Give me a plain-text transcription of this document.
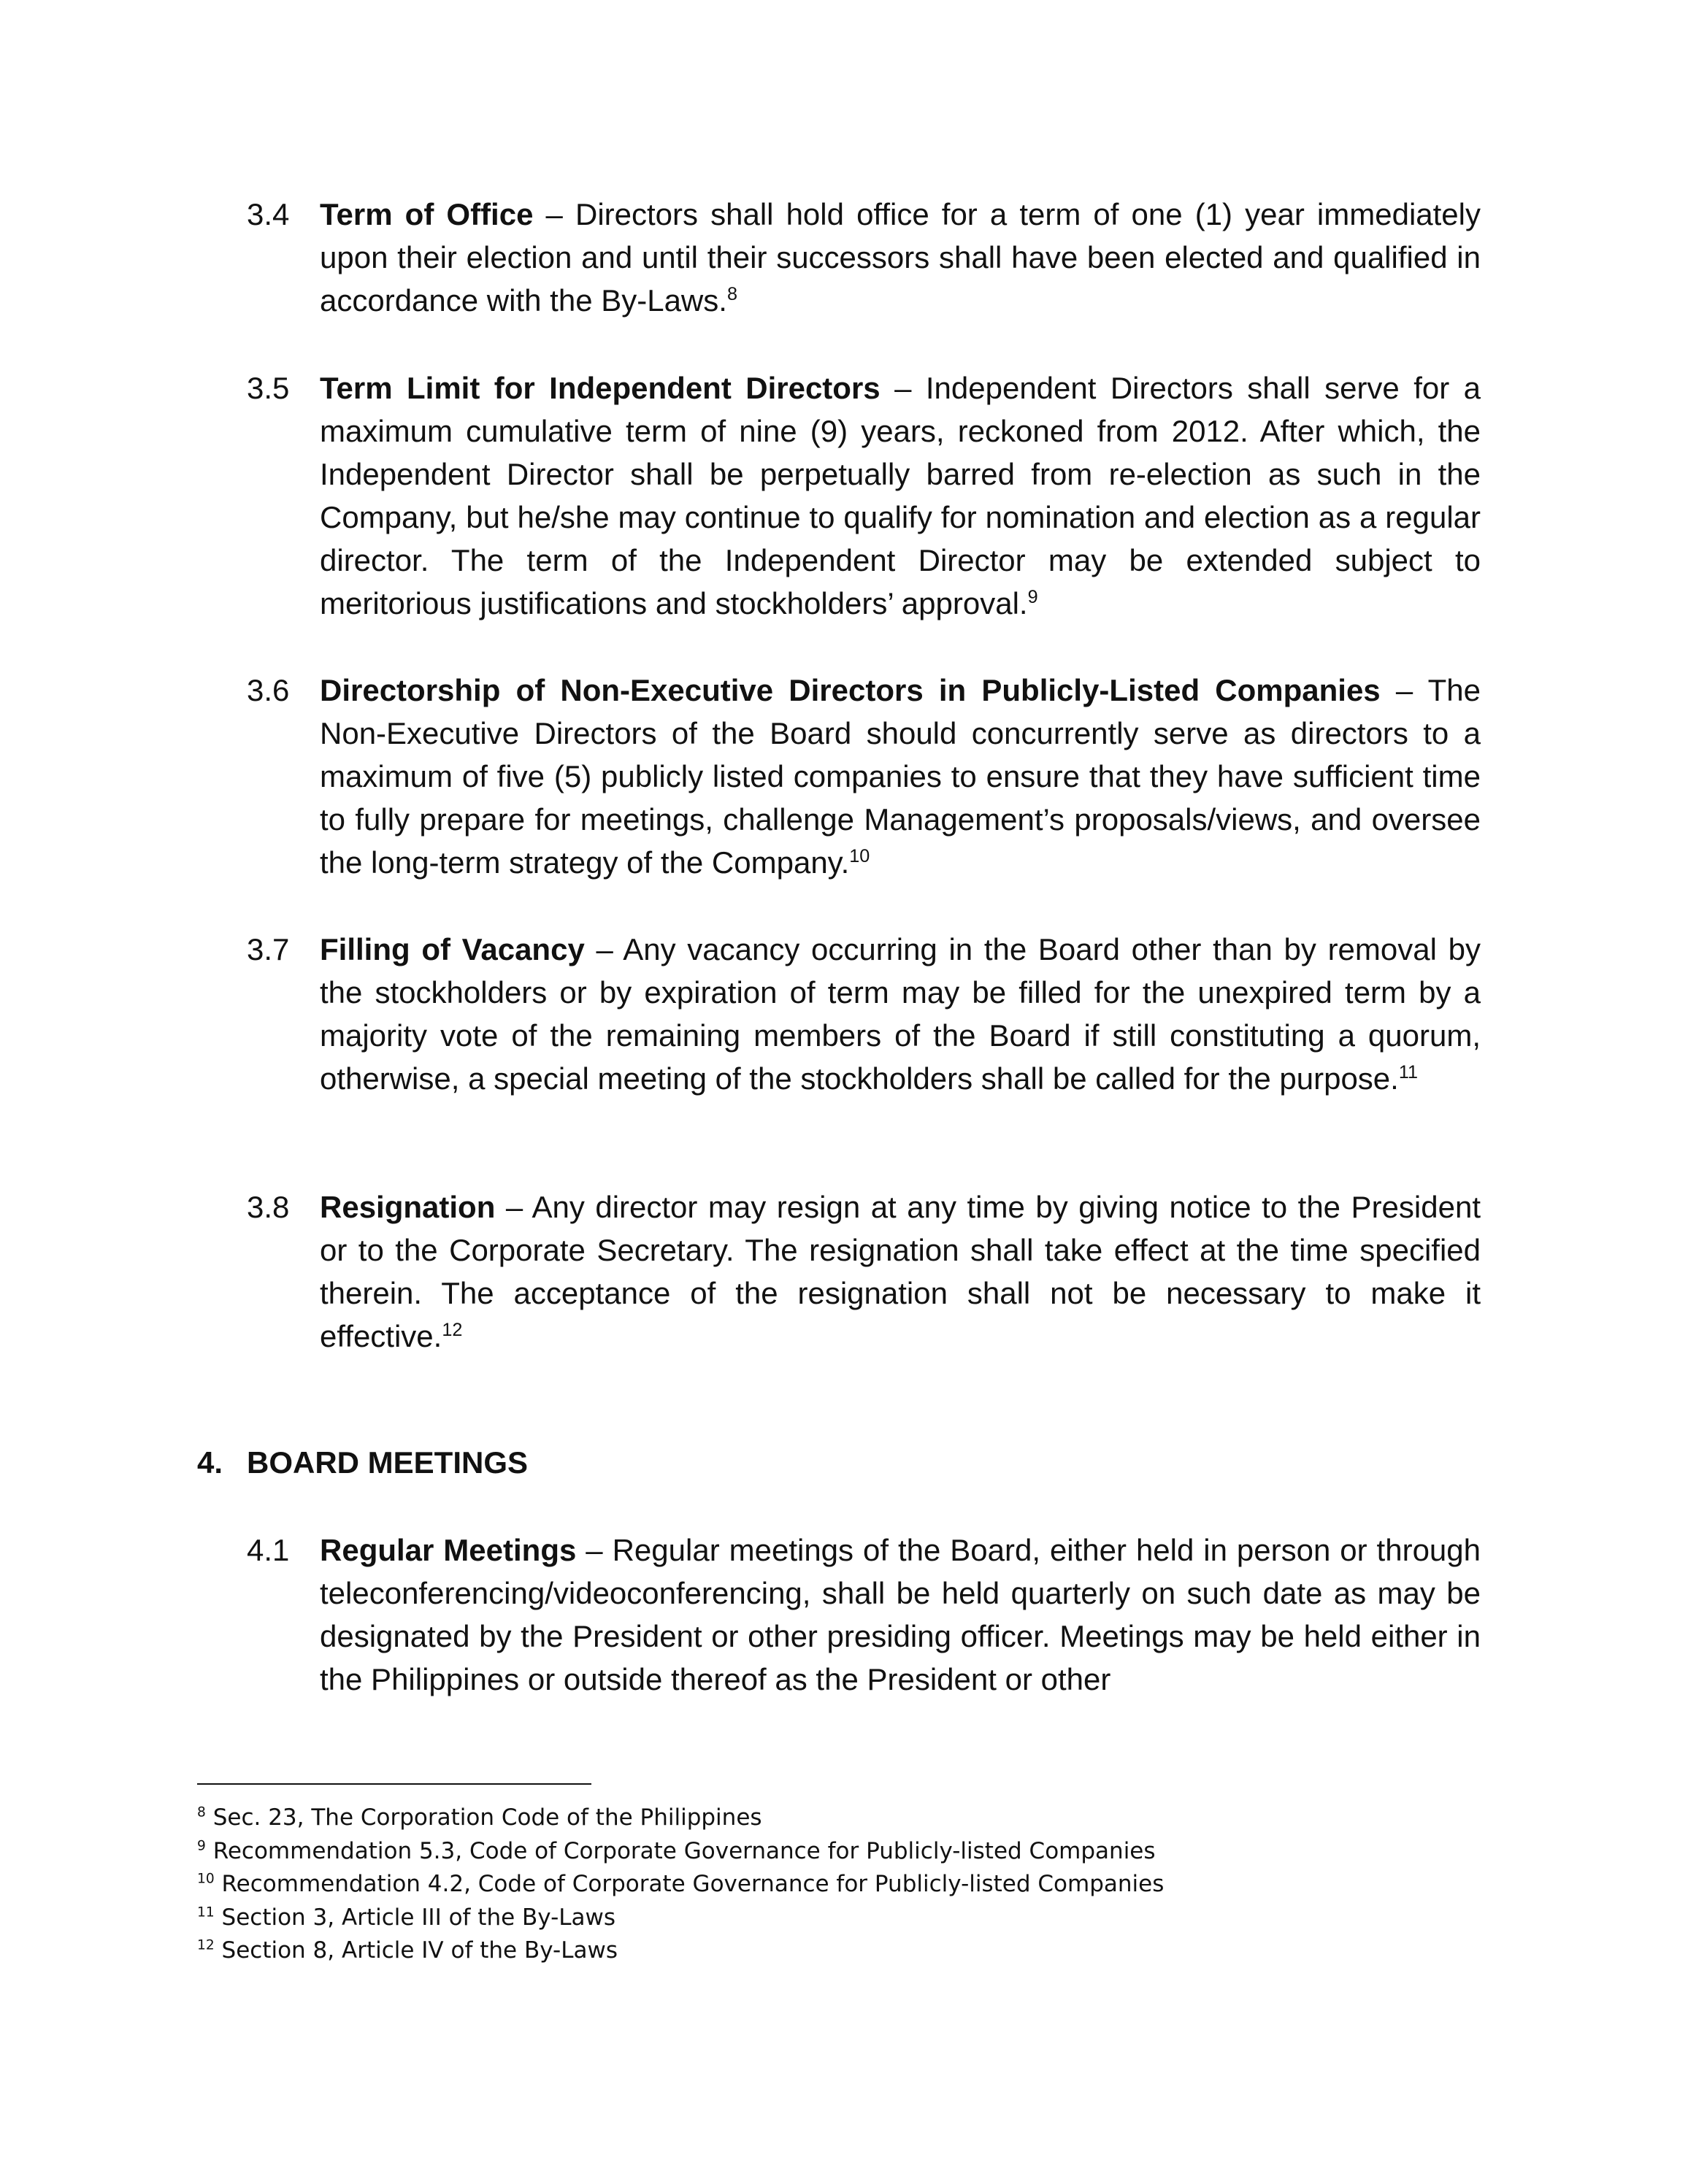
3.4 Term of Office – Directors shall hold office for a term of one (1) year immediately upon their election and until their successors shall have been elected and qualified in accordance with the By-Laws.$^8$
3.5 Term Limit for Independent Directors – Independent Directors shall serve for a maximum cumulative term of nine (9) years, reckoned from 2012. After which, the Independent Director shall be perpetually barred from re-election as such in the Company, but he/she may continue to qualify for nomination and election as a regular director. The term of the Independent Director may be extended subject to meritorious justifications and stockholders’ approval.$^9$
3.6 Directorship of Non-Executive Directors in Publicly-Listed Companies – The Non-Executive Directors of the Board should concurrently serve as directors to a maximum of five (5) publicly listed companies to ensure that they have sufficient time to fully prepare for meetings, challenge Management’s proposals/views, and oversee the long-term strategy of the Company.$^{10}$
3.7 Filling of Vacancy – Any vacancy occurring in the Board other than by removal by the stockholders or by expiration of term may be filled for the unexpired term by a majority vote of the remaining members of the Board if still constituting a quorum, otherwise, a special meeting of the stockholders shall be called for the purpose.$^{11}$
3.8 Resignation – Any director may resign at any time by giving notice to the President or to the Corporate Secretary. The resignation shall take effect at the time specified therein. The acceptance of the resignation shall not be necessary to make it effective.$^{12}$
4. BOARD MEETINGS
4.1 Regular Meetings – Regular meetings of the Board, either held in person or through teleconferencing/videoconferencing, shall be held quarterly on such date as may be designated by the President or other presiding officer. Meetings may be held either in the Philippines or outside thereof as the President or other
$^8$ Sec. 23, The Corporation Code of the Philippines
$^9$ Recommendation 5.3, Code of Corporate Governance for Publicly-listed Companies
$^{10}$ Recommendation 4.2, Code of Corporate Governance for Publicly-listed Companies
$^{11}$ Section 3, Article III of the By-Laws
$^{12}$ Section 8, Article IV of the By-Laws
